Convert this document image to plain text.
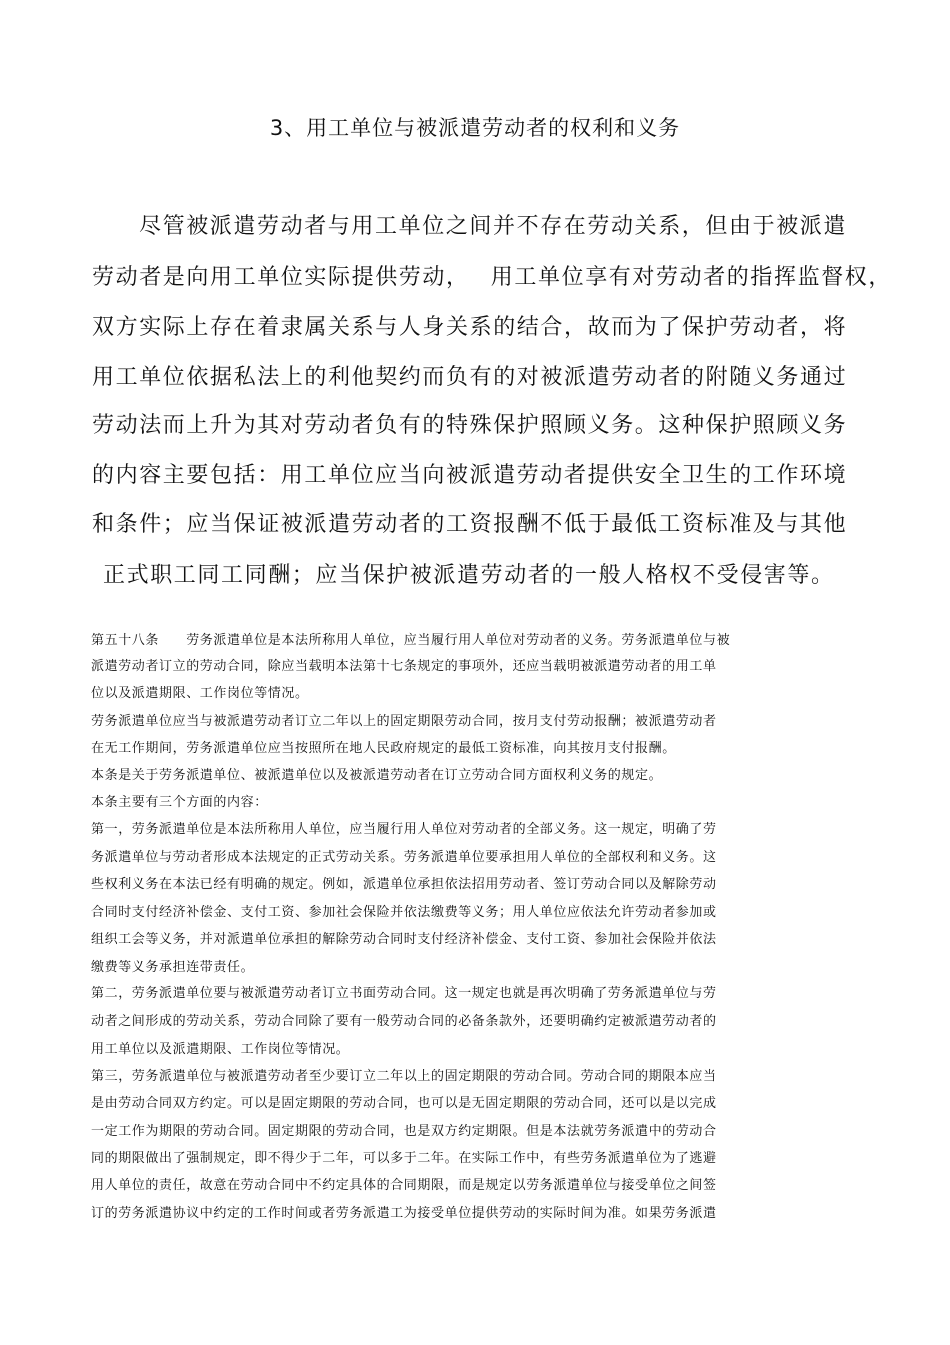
3、用工单位与被派遣劳动者的权利和义务
尽管被派遣劳动者与用工单位之间并不存在劳动关系，但由于被派遣
劳动者是向用工单位实际提供劳动，　 用工单位享有对劳动者的指挥监督权，
双方实际上存在着隶属关系与人身关系的结合，故而为了保护劳动者，将
用工单位依据私法上的利他契约而负有的对被派遣劳动者的附随义务通过
劳动法而上升为其对劳动者负有的特殊保护照顾义务。这种保护照顾义务
的内容主要包括：用工单位应当向被派遣劳动者提供安全卫生的工作环境
和条件；应当保证被派遣劳动者的工资报酬不低于最低工资标准及与其他
正式职工同工同酬；应当保护被派遣劳动者的一般人格权不受侵害等。
第五十八条　　劳务派遣单位是本法所称用人单位，应当履行用人单位对劳动者的义务。劳务派遣单位与被
派遣劳动者订立的劳动合同，除应当载明本法第十七条规定的事项外，还应当载明被派遣劳动者的用工单
位以及派遣期限、工作岗位等情况。
劳务派遣单位应当与被派遣劳动者订立二年以上的固定期限劳动合同，按月支付劳动报酬；被派遣劳动者
在无工作期间，劳务派遣单位应当按照所在地人民政府规定的最低工资标准，向其按月支付报酬。
本条是关于劳务派遣单位、被派遣单位以及被派遣劳动者在订立劳动合同方面权利义务的规定。
本条主要有三个方面的内容：
第一，劳务派遣单位是本法所称用人单位，应当履行用人单位对劳动者的全部义务。这一规定，明确了劳
务派遣单位与劳动者形成本法规定的正式劳动关系。劳务派遣单位要承担用人单位的全部权利和义务。这
些权利义务在本法已经有明确的规定。例如，派遣单位承担依法招用劳动者、签订劳动合同以及解除劳动
合同时支付经济补偿金、支付工资、参加社会保险并依法缴费等义务；用人单位应依法允许劳动者参加或
组织工会等义务，并对派遣单位承担的解除劳动合同时支付经济补偿金、支付工资、参加社会保险并依法
缴费等义务承担连带责任。
第二，劳务派遣单位要与被派遣劳动者订立书面劳动合同。这一规定也就是再次明确了劳务派遣单位与劳
动者之间形成的劳动关系，劳动合同除了要有一般劳动合同的必备条款外，还要明确约定被派遣劳动者的
用工单位以及派遣期限、工作岗位等情况。
第三，劳务派遣单位与被派遣劳动者至少要订立二年以上的固定期限的劳动合同。劳动合同的期限本应当
是由劳动合同双方约定。可以是固定期限的劳动合同，也可以是无固定期限的劳动合同，还可以是以完成
一定工作为期限的劳动合同。固定期限的劳动合同，也是双方约定期限。但是本法就劳务派遣中的劳动合
同的期限做出了强制规定，即不得少于二年，可以多于二年。在实际工作中，有些劳务派遣单位为了逃避
用人单位的责任，故意在劳动合同中不约定具体的合同期限，而是规定以劳务派遣单位与接受单位之间签
订的劳务派遣协议中约定的工作时间或者劳务派遣工为接受单位提供劳动的实际时间为准。如果劳务派遣
